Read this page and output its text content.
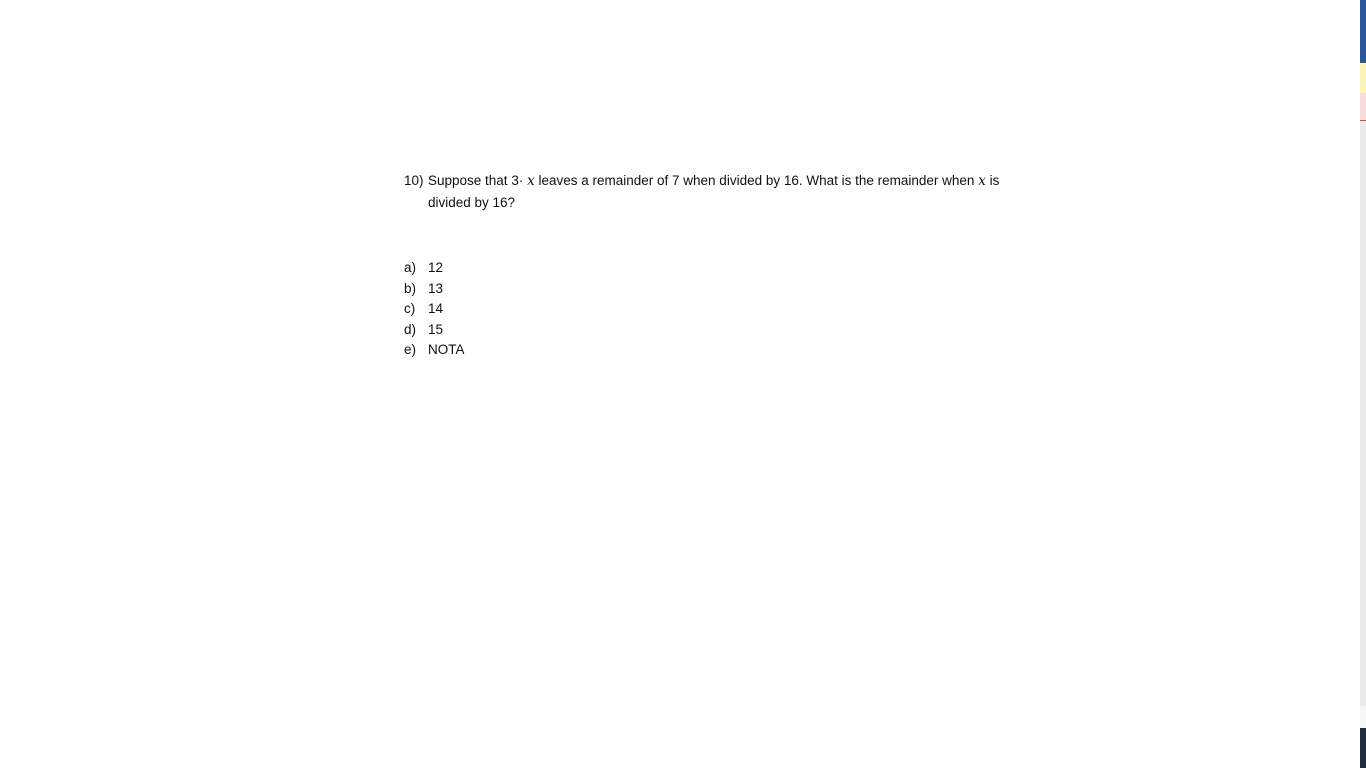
10) Suppose that 3· x leaves a remainder of 7 when divided by 16. What is the remainder when x is divided by 16?
a) 12
b) 13
c) 14
d) 15
e) NOTA
